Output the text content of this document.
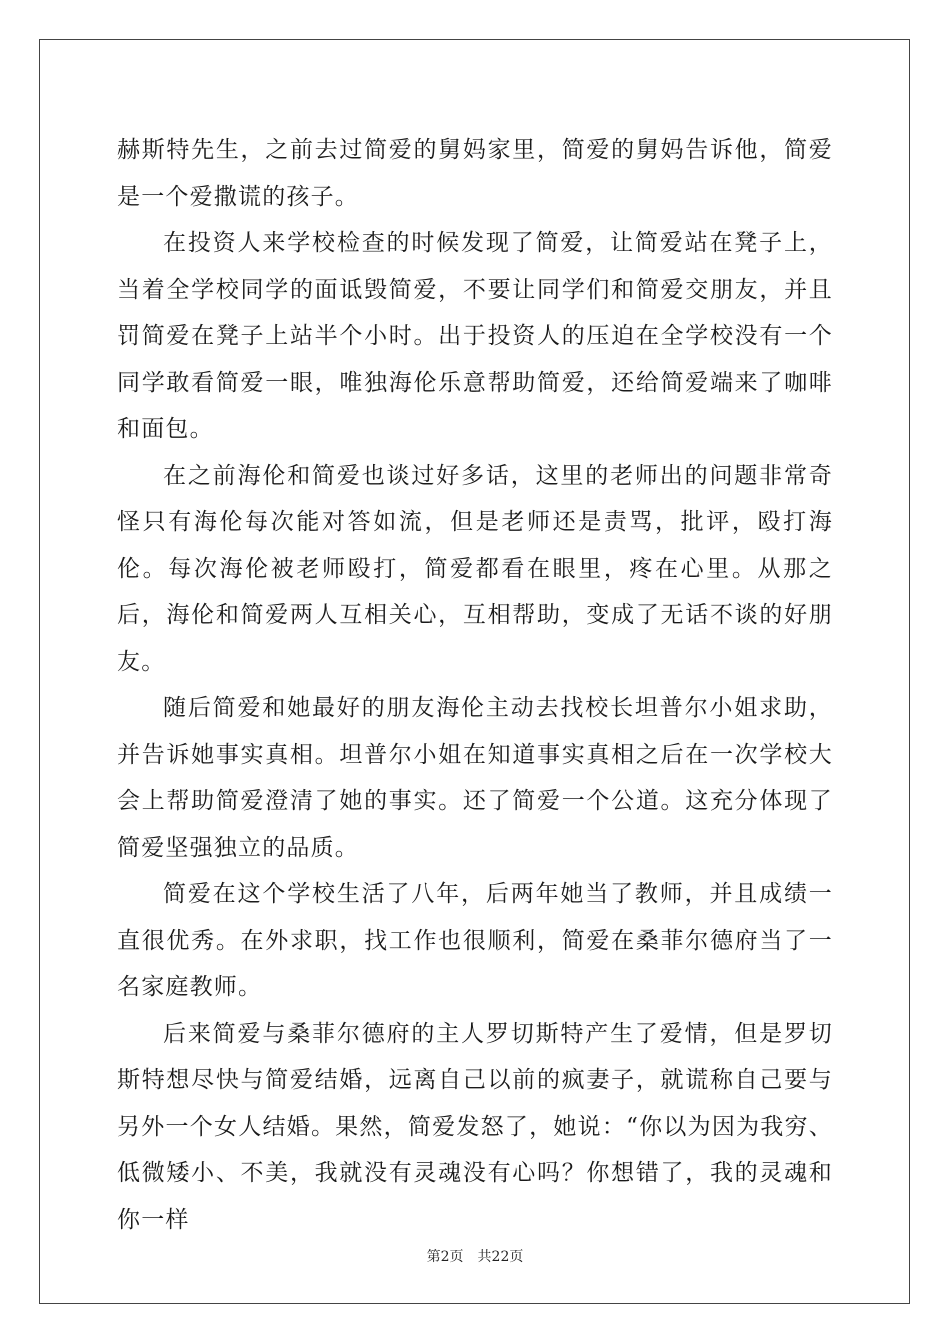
赫斯特先生，之前去过简爱的舅妈家里，简爱的舅妈告诉他，简爱是一个爱撒谎的孩子。

在投资人来学校检查的时候发现了简爱，让简爱站在凳子上，当着全学校同学的面诋毁简爱，不要让同学们和简爱交朋友，并且罚简爱在凳子上站半个小时。出于投资人的压迫在全学校没有一个同学敢看简爱一眼，唯独海伦乐意帮助简爱，还给简爱端来了咖啡和面包。

在之前海伦和简爱也谈过好多话，这里的老师出的问题非常奇怪只有海伦每次能对答如流，但是老师还是责骂，批评，殴打海伦。每次海伦被老师殴打，简爱都看在眼里，疼在心里。从那之后，海伦和简爱两人互相关心，互相帮助，变成了无话不谈的好朋友。

随后简爱和她最好的朋友海伦主动去找校长坦普尔小姐求助，并告诉她事实真相。坦普尔小姐在知道事实真相之后在一次学校大会上帮助简爱澄清了她的事实。还了简爱一个公道。这充分体现了简爱坚强独立的品质。

简爱在这个学校生活了八年，后两年她当了教师，并且成绩一直很优秀。在外求职，找工作也很顺利，简爱在桑菲尔德府当了一名家庭教师。

后来简爱与桑菲尔德府的主人罗切斯特产生了爱情，但是罗切斯特想尽快与简爱结婚，远离自己以前的疯妻子，就谎称自己要与另外一个女人结婚。果然，简爱发怒了，她说：“你以为因为我穷、低微矮小、不美，我就没有灵魂没有心吗？你想错了，我的灵魂和你一样

第2页 共22页
